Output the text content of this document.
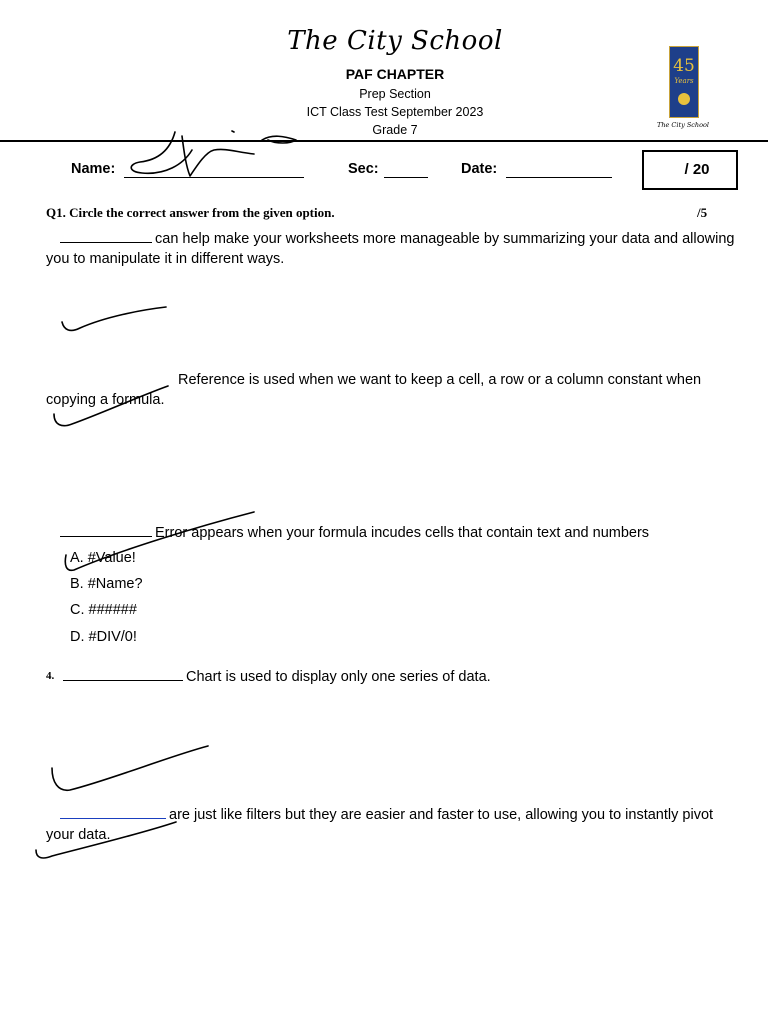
The City School
PAF CHAPTER
Prep Section
ICT Class Test September 2023
Grade 7
45
Years
The City School
Name:	Sec:	Date:	/ 20
Q1. Circle the correct answer from the given option.	/5
can help make your worksheets more manageable by summarizing your data and allowing you to manipulate it in different ways.
Reference is used when we want to keep a cell, a row or a column constant when copying a formula.
Error appears when your formula incudes cells that contain text and numbers
A. #Value!
B. #Name?
C. ######
D. #DIV/0!
4.	Chart is used to display only one series of data.
are just like filters but they are easier and faster to use, allowing you to instantly pivot your data.
